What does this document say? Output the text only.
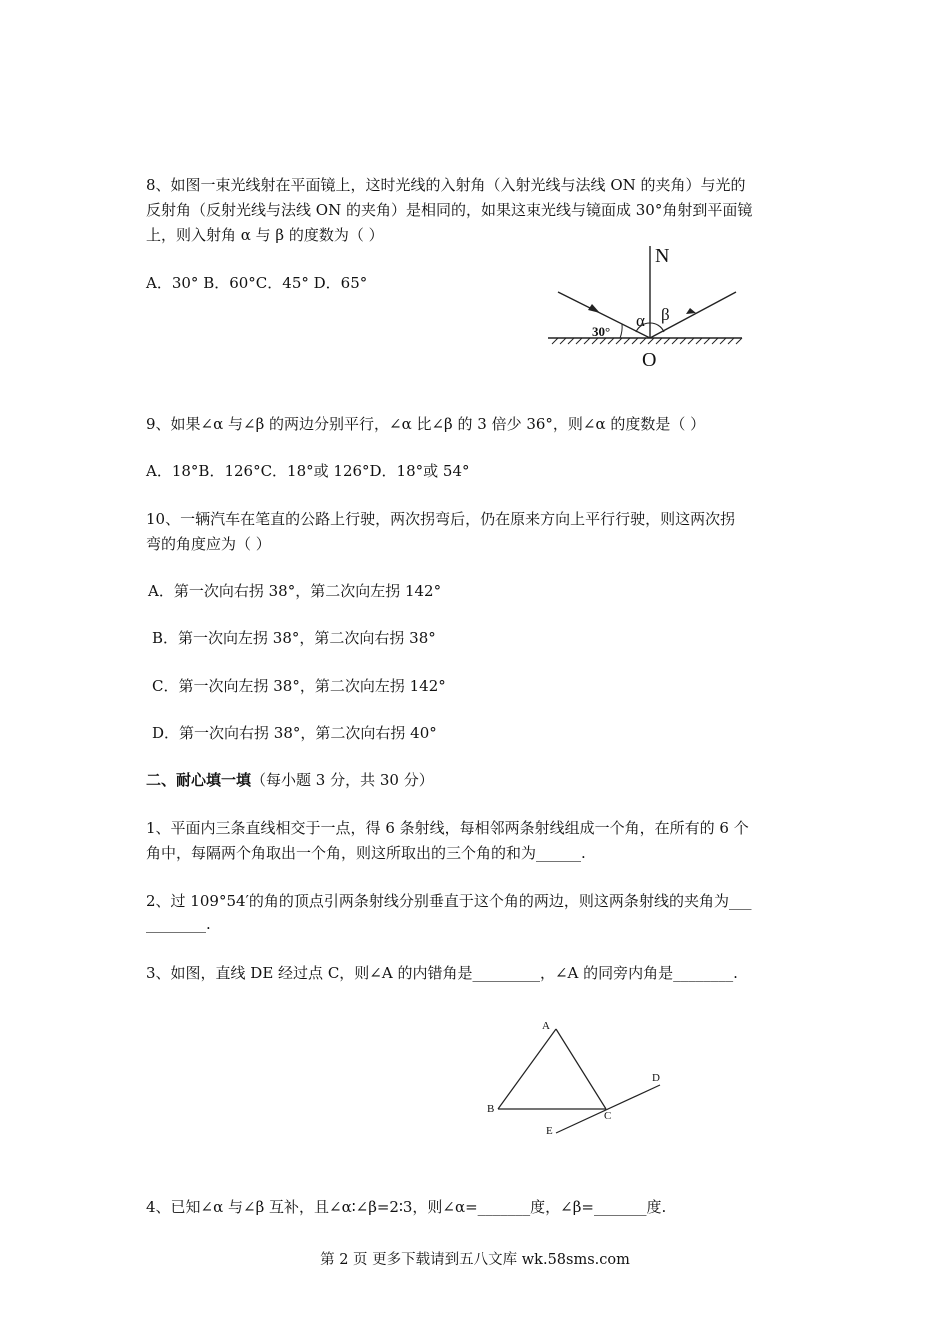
8、如图一束光线射在平面镜上，这时光线的入射角（入射光线与法线 ON 的夹角）与光的
反射角（反射光线与法线 ON 的夹角）是相同的，如果这束光线与镜面成 30°角射到平面镜
上，则入射角 α 与 β 的度数为（ ）
A．30° B．60°C．45° D．65°
N
α β
30°
O
9、如果∠α 与∠β 的两边分别平行，∠α 比∠β 的 3 倍少 36°，则∠α 的度数是（ ）
A．18°B．126°C．18°或 126°D．18°或 54°
10、一辆汽车在笔直的公路上行驶，两次拐弯后，仍在原来方向上平行行驶，则这两次拐
弯的角度应为（ ）
A．第一次向右拐 38°，第二次向左拐 142°
B．第一次向左拐 38°，第二次向右拐 38°
C．第一次向左拐 38°，第二次向左拐 142°
D．第一次向右拐 38°，第二次向右拐 40°
二、耐心填一填（每小题 3 分，共 30 分）
1、平面内三条直线相交于一点，得 6 条射线，每相邻两条射线组成一个角，在所有的 6 个
角中，每隔两个角取出一个角，则这所取出的三个角的和为______.
2、过 109°54′的角的顶点引两条射线分别垂直于这个角的两边，则这两条射线的夹角为___
________.
3、如图，直线 DE 经过点 C，则∠A 的内错角是_________，∠A 的同旁内角是________.
A
B
C
D
E
4、已知∠α 与∠β 互补，且∠α∶∠β=2∶3，则∠α=_______度，∠β=_______度.
第 2 页 更多下载请到五八文库 wk.58sms.com
